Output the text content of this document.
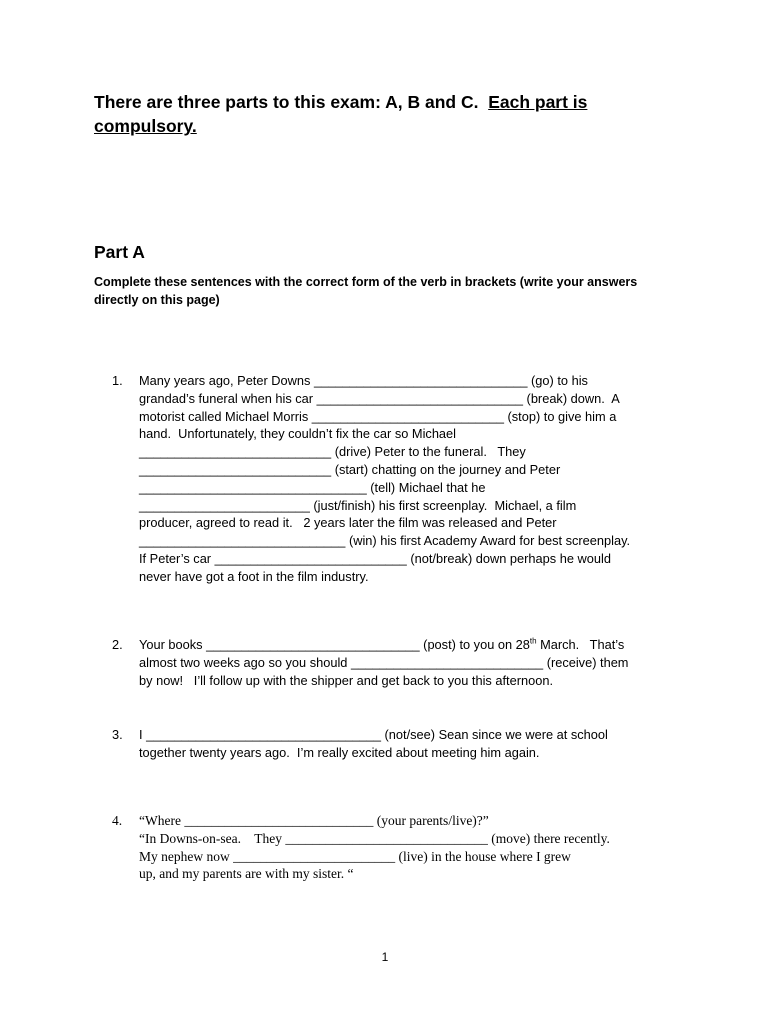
There are three parts to this exam: A, B and C. Each part is compulsory.
Part A
Complete these sentences with the correct form of the verb in brackets (write your answers directly on this page)
1.	Many years ago, Peter Downs ______________________________ (go) to his
grandad’s funeral when his car _____________________________ (break) down.  A
motorist called Michael Morris ___________________________ (stop) to give him a
hand.  Unfortunately, they couldn’t fix the car so Michael
___________________________ (drive) Peter to the funeral.   They
___________________________ (start) chatting on the journey and Peter
________________________________ (tell) Michael that he
________________________ (just/finish) his first screenplay.  Michael, a film
producer, agreed to read it.   2 years later the film was released and Peter
_____________________________ (win) his first Academy Award for best screenplay.
If Peter’s car ___________________________ (not/break) down perhaps he would
never have got a foot in the film industry.
2.	Your books ______________________________ (post) to you on 28th March.   That’s
almost two weeks ago so you should ___________________________ (receive) them
by now!   I’ll follow up with the shipper and get back to you this afternoon.
3.	I _________________________________ (not/see) Sean since we were at school
together twenty years ago.  I’m really excited about meeting him again.
4.	“Where ____________________________ (your parents/live)?”
“In Downs-on-sea.    They ______________________________ (move) there recently.
My nephew now ________________________ (live) in the house where I grew
up, and my parents are with my sister. “
1
